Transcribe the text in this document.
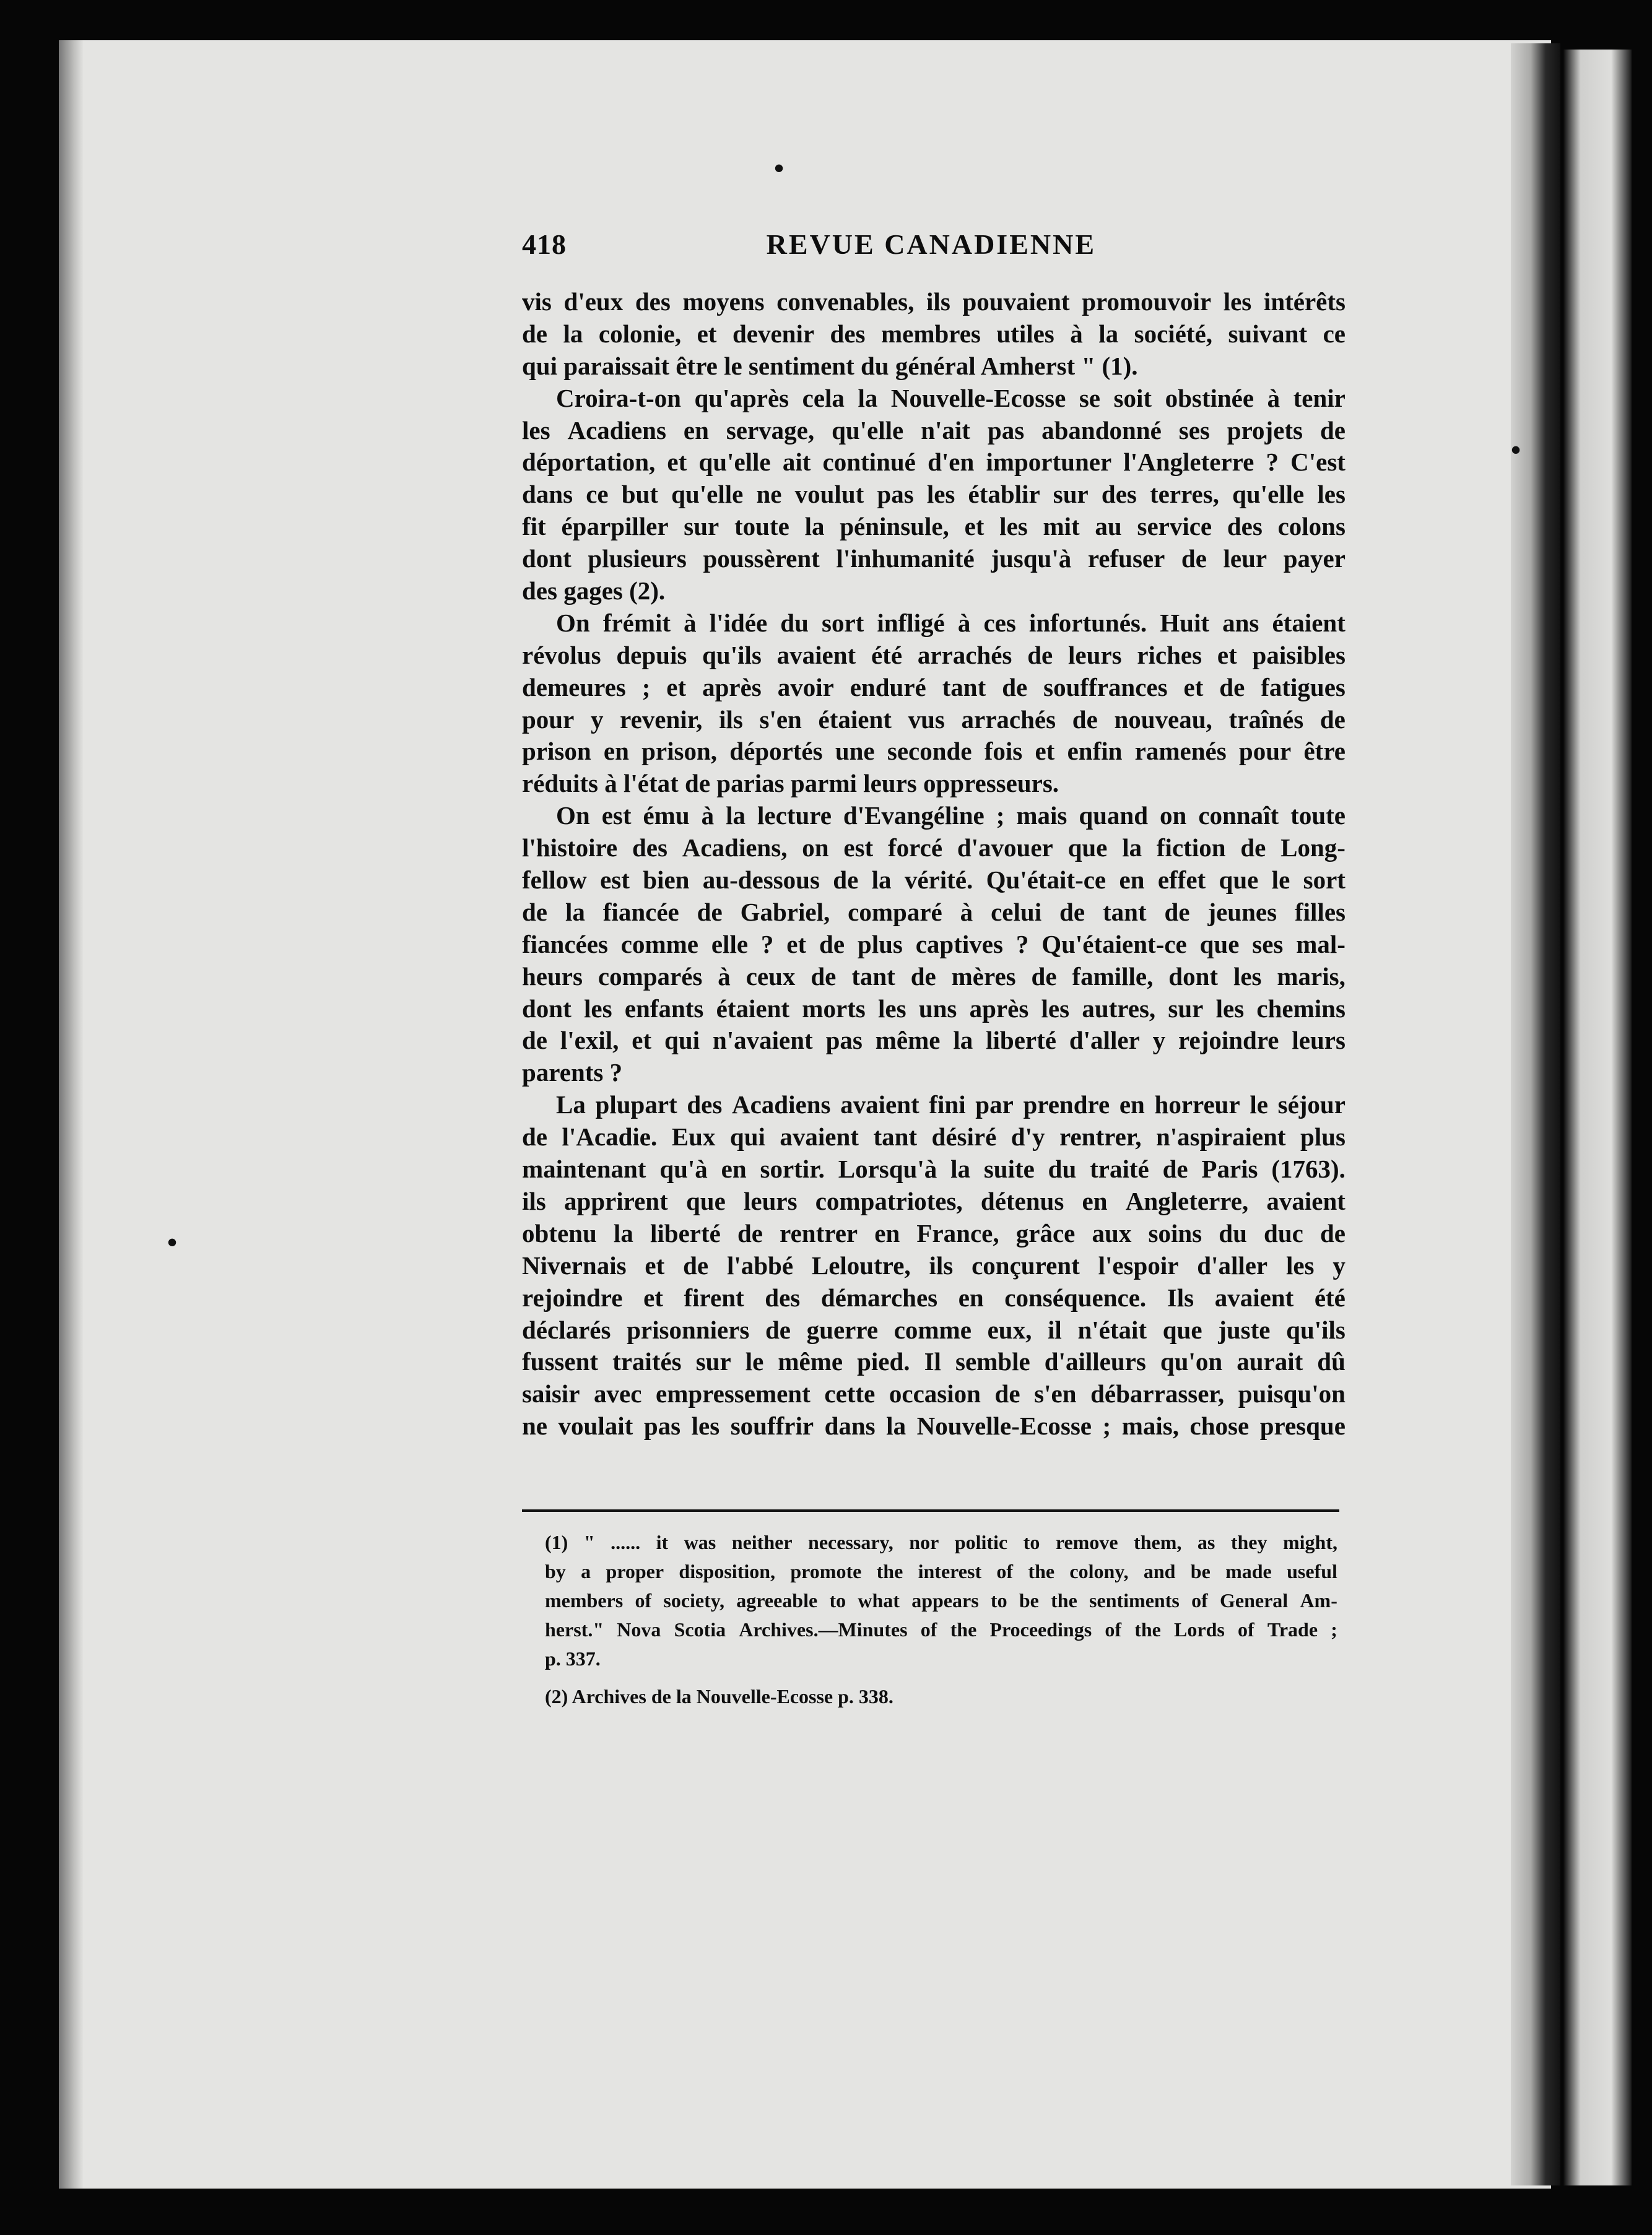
•
•
•
418	REVUE CANADIENNE
vis d'eux des moyens convenables, ils pouvaient promouvoir les intérêts
de la colonie, et devenir des membres utiles à la société, suivant ce
qui paraissait être le sentiment du général Amherst " (1).
Croira-t-on qu'après cela la Nouvelle-Ecosse se soit obstinée à tenir
les Acadiens en servage, qu'elle n'ait pas abandonné ses projets de
déportation, et qu'elle ait continué d'en importuner l'Angleterre ? C'est
dans ce but qu'elle ne voulut pas les établir sur des terres, qu'elle les
fit éparpiller sur toute la péninsule, et les mit au service des colons
dont plusieurs poussèrent l'inhumanité jusqu'à refuser de leur payer
des gages (2).
On frémit à l'idée du sort infligé à ces infortunés. Huit ans étaient
révolus depuis qu'ils avaient été arrachés de leurs riches et paisibles
demeures ; et après avoir enduré tant de souffrances et de fatigues
pour y revenir, ils s'en étaient vus arrachés de nouveau, traînés de
prison en prison, déportés une seconde fois et enfin ramenés pour être
réduits à l'état de parias parmi leurs oppresseurs.
On est ému à la lecture d'Evangéline ; mais quand on connaît toute
l'histoire des Acadiens, on est forcé d'avouer que la fiction de Long-
fellow est bien au-dessous de la vérité. Qu'était-ce en effet que le sort
de la fiancée de Gabriel, comparé à celui de tant de jeunes filles
fiancées comme elle ? et de plus captives ? Qu'étaient-ce que ses mal-
heurs comparés à ceux de tant de mères de famille, dont les maris,
dont les enfants étaient morts les uns après les autres, sur les chemins
de l'exil, et qui n'avaient pas même la liberté d'aller y rejoindre leurs
parents ?
La plupart des Acadiens avaient fini par prendre en horreur le séjour
de l'Acadie. Eux qui avaient tant désiré d'y rentrer, n'aspiraient plus
maintenant qu'à en sortir. Lorsqu'à la suite du traité de Paris (1763).
ils apprirent que leurs compatriotes, détenus en Angleterre, avaient
obtenu la liberté de rentrer en France, grâce aux soins du duc de
Nivernais et de l'abbé Leloutre, ils conçurent l'espoir d'aller les y
rejoindre et firent des démarches en conséquence. Ils avaient été
déclarés prisonniers de guerre comme eux, il n'était que juste qu'ils
fussent traités sur le même pied. Il semble d'ailleurs qu'on aurait dû
saisir avec empressement cette occasion de s'en débarrasser, puisqu'on
ne voulait pas les souffrir dans la Nouvelle-Ecosse ; mais, chose presque
(1) " ...... it was neither necessary, nor politic to remove them, as they might,
by a proper disposition, promote the interest of the colony, and be made useful
members of society, agreeable to what appears to be the sentiments of General Am-
herst." Nova Scotia Archives.—Minutes of the Proceedings of the Lords of Trade ;
p. 337.
(2) Archives de la Nouvelle-Ecosse p. 338.
